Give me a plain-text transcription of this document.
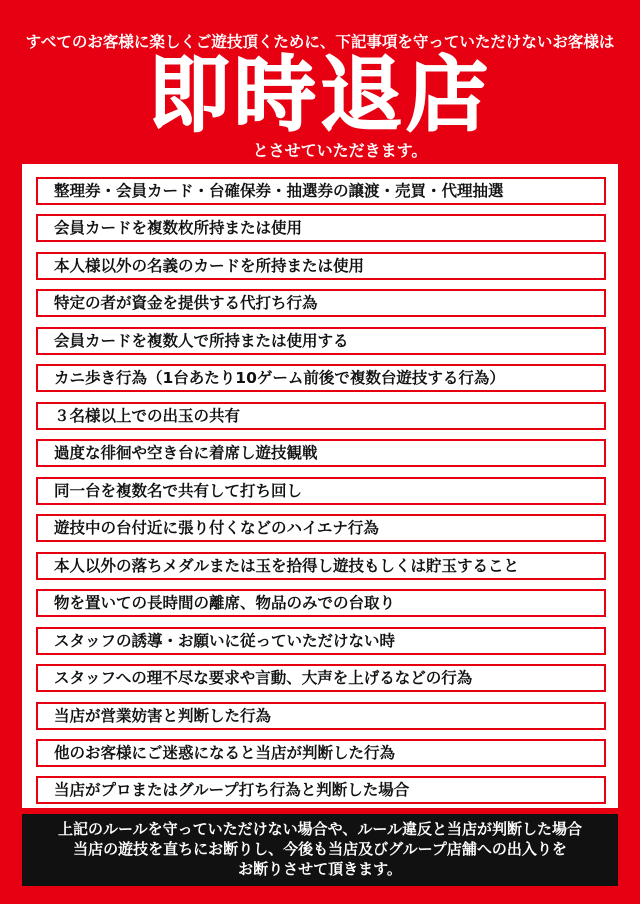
すべてのお客様に楽しくご遊技頂くために、下記事項を守っていただけないお客様は
即時退店
とさせていただきます。
整理券・会員カード・台確保券・抽選券の譲渡・売買・代理抽選
会員カードを複数枚所持または使用
本人様以外の名義のカードを所持または使用
特定の者が資金を提供する代打ち行為
会員カードを複数人で所持または使用する
カニ歩き行為（1台あたり10ゲーム前後で複数台遊技する行為）
３名様以上での出玉の共有
過度な徘徊や空き台に着席し遊技観戦
同一台を複数名で共有して打ち回し
遊技中の台付近に張り付くなどのハイエナ行為
本人以外の落ちメダルまたは玉を拾得し遊技もしくは貯玉すること
物を置いての長時間の離席、物品のみでの台取り
スタッフの誘導・お願いに従っていただけない時
スタッフへの理不尽な要求や言動、大声を上げるなどの行為
当店が営業妨害と判断した行為
他のお客様にご迷惑になると当店が判断した行為
当店がプロまたはグループ打ち行為と判断した場合
上記のルールを守っていただけない場合や、ルール違反と当店が判断した場合
当店の遊技を直ちにお断りし、今後も当店及びグループ店舗への出入りを
お断りさせて頂きます。
